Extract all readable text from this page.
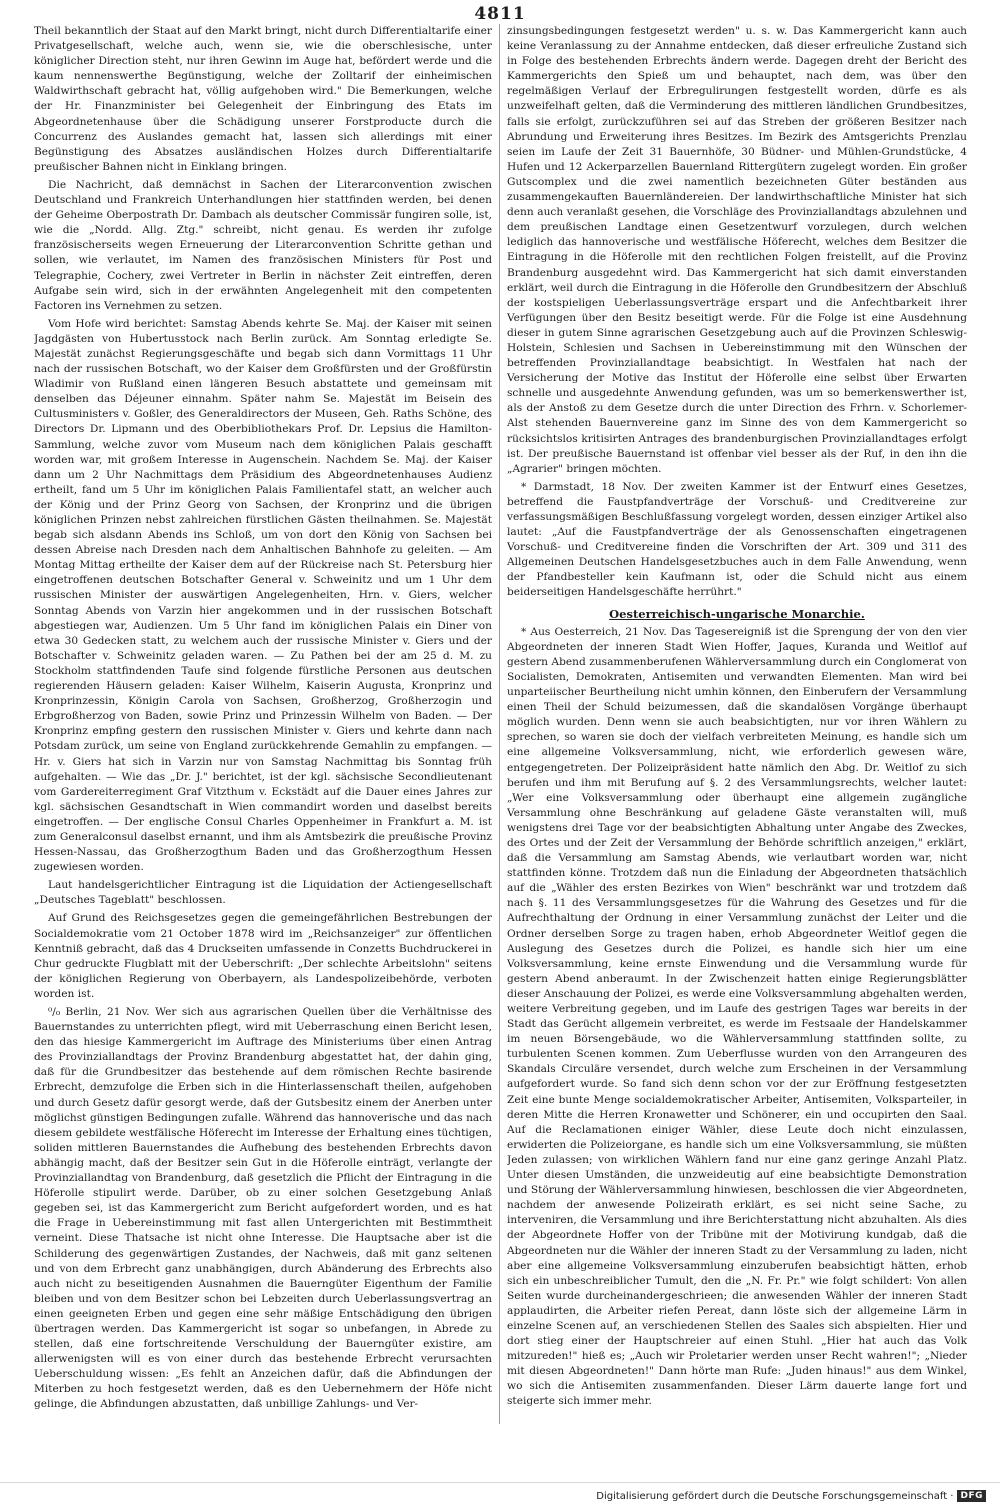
4811

Theil bekanntlich der Staat auf den Markt bringt, nicht durch Differentialtarife einer Privatgesellschaft, welche auch, wenn sie, wie die oberschlesische, unter königlicher Direction steht, nur ihren Gewinn im Auge hat, befördert werde und die kaum nennenswerthe Begünstigung, welche der Zolltarif der einheimischen Waldwirthschaft gebracht hat, völlig aufgehoben wird." Die Bemerkungen, welche der Hr. Finanzminister bei Gelegenheit der Einbringung des Etats im Abgeordnetenhause über die Schädigung unserer Forstproducte durch die Concurrenz des Auslandes gemacht hat, lassen sich allerdings mit einer Begünstigung des Absatzes ausländischen Holzes durch Differentialtarife preußischer Bahnen nicht in Einklang bringen.

Die Nachricht, daß demnächst in Sachen der Literarconvention zwischen Deutschland und Frankreich Unterhandlungen hier stattfinden werden, bei denen der Geheime Oberpostrath Dr. Dambach als deutscher Commissär fungiren solle, ist, wie die „Nordd. Allg. Ztg." schreibt, nicht genau. Es werden ihr zufolge französischerseits wegen Erneuerung der Literarconvention Schritte gethan und sollen, wie verlautet, im Namen des französischen Ministers für Post und Telegraphie, Cochery, zwei Vertreter in Berlin in nächster Zeit eintreffen, deren Aufgabe sein wird, sich in der erwähnten Angelegenheit mit den competenten Factoren ins Vernehmen zu setzen.

Vom Hofe wird berichtet: Samstag Abends kehrte Se. Maj. der Kaiser mit seinen Jagdgästen von Hubertusstock nach Berlin zurück. Am Sonntag erledigte Se. Majestät zunächst Regierungsgeschäfte und begab sich dann Vormittags 11 Uhr nach der russischen Botschaft, wo der Kaiser dem Großfürsten und der Großfürstin Wladimir von Rußland einen längeren Besuch abstattete und gemeinsam mit denselben das Déjeuner einnahm. Später nahm Se. Majestät im Beisein des Cultusministers v. Goßler, des Generaldirectors der Museen, Geh. Raths Schöne, des Directors Dr. Lipmann und des Oberbibliothekars Prof. Dr. Lepsius die Hamilton-Sammlung, welche zuvor vom Museum nach dem königlichen Palais geschafft worden war, mit großem Interesse in Augenschein. Nachdem Se. Maj. der Kaiser dann um 2 Uhr Nachmittags dem Präsidium des Abgeordnetenhauses Audienz ertheilt, fand um 5 Uhr im königlichen Palais Familientafel statt, an welcher auch der König und der Prinz Georg von Sachsen, der Kronprinz und die übrigen königlichen Prinzen nebst zahlreichen fürstlichen Gästen theilnahmen. Se. Majestät begab sich alsdann Abends ins Schloß, um von dort den König von Sachsen bei dessen Abreise nach Dresden nach dem Anhaltischen Bahnhofe zu geleiten. — Am Montag Mittag ertheilte der Kaiser dem auf der Rückreise nach St. Petersburg hier eingetroffenen deutschen Botschafter General v. Schweinitz und um 1 Uhr dem russischen Minister der auswärtigen Angelegenheiten, Hrn. v. Giers, welcher Sonntag Abends von Varzin hier angekommen und in der russischen Botschaft abgestiegen war, Audienzen. Um 5 Uhr fand im königlichen Palais ein Diner von etwa 30 Gedecken statt, zu welchem auch der russische Minister v. Giers und der Botschafter v. Schweinitz geladen waren. — Zu Pathen bei der am 25 d. M. zu Stockholm stattfindenden Taufe sind folgende fürstliche Personen aus deutschen regierenden Häusern geladen: Kaiser Wilhelm, Kaiserin Augusta, Kronprinz und Kronprinzessin, Königin Carola von Sachsen, Großherzog, Großherzogin und Erbgroßherzog von Baden, sowie Prinz und Prinzessin Wilhelm von Baden. — Der Kronprinz empfing gestern den russischen Minister v. Giers und kehrte dann nach Potsdam zurück, um seine von England zurückkehrende Gemahlin zu empfangen. — Hr. v. Giers hat sich in Varzin nur von Samstag Nachmittag bis Sonntag früh aufgehalten. — Wie das „Dr. J." berichtet, ist der kgl. sächsische Secondlieutenant vom Gardereiterregiment Graf Vitzthum v. Eckstädt auf die Dauer eines Jahres zur kgl. sächsischen Gesandtschaft in Wien commandirt worden und daselbst bereits eingetroffen. — Der englische Consul Charles Oppenheimer in Frankfurt a. M. ist zum Generalconsul daselbst ernannt, und ihm als Amtsbezirk die preußische Provinz Hessen-Nassau, das Großherzogthum Baden und das Großherzogthum Hessen zugewiesen worden.

Laut handelsgerichtlicher Eintragung ist die Liquidation der Actiengesellschaft „Deutsches Tageblatt" beschlossen.

Auf Grund des Reichsgesetzes gegen die gemeingefährlichen Bestrebungen der Socialdemokratie vom 21 October 1878 wird im „Reichsanzeiger" zur öffentlichen Kenntniß gebracht, daß das 4 Druckseiten umfassende in Conzetts Buchdruckerei in Chur gedruckte Flugblatt mit der Ueberschrift: „Der schlechte Arbeitslohn" seitens der königlichen Regierung von Oberbayern, als Landespolizeibehörde, verboten worden ist.

⁰/₀ Berlin, 21 Nov. Wer sich aus agrarischen Quellen über die Verhältnisse des Bauernstandes zu unterrichten pflegt, wird mit Ueberraschung einen Bericht lesen, den das hiesige Kammergericht im Auftrage des Ministeriums über einen Antrag des Provinziallandtags der Provinz Brandenburg abgestattet hat, der dahin ging, daß für die Grundbesitzer das bestehende auf dem römischen Rechte basirende Erbrecht, demzufolge die Erben sich in die Hinterlassenschaft theilen, aufgehoben und durch Gesetz dafür gesorgt werde, daß der Gutsbesitz einem der Anerben unter möglichst günstigen Bedingungen zufalle. Während das hannoverische und das nach diesem gebildete westfälische Höferecht im Interesse der Erhaltung eines tüchtigen, soliden mittleren Bauernstandes die Aufhebung des bestehenden Erbrechts davon abhängig macht, daß der Besitzer sein Gut in die Höferolle einträgt, verlangte der Provinziallandtag von Brandenburg, daß gesetzlich die Pflicht der Eintragung in die Höferolle stipulirt werde. Darüber, ob zu einer solchen Gesetzgebung Anlaß gegeben sei, ist das Kammergericht zum Bericht aufgefordert worden, und es hat die Frage in Uebereinstimmung mit fast allen Untergerichten mit Bestimmtheit verneint. Diese Thatsache ist nicht ohne Interesse. Die Hauptsache aber ist die Schilderung des gegenwärtigen Zustandes, der Nachweis, daß mit ganz seltenen und von dem Erbrecht ganz unabhängigen, durch Abänderung des Erbrechts also auch nicht zu beseitigenden Ausnahmen die Bauerngüter Eigenthum der Familie bleiben und von dem Besitzer schon bei Lebzeiten durch Ueberlassungsvertrag an einen geeigneten Erben und gegen eine sehr mäßige Entschädigung den übrigen übertragen werden. Das Kammergericht ist sogar so unbefangen, in Abrede zu stellen, daß eine fortschreitende Verschuldung der Bauerngüter existire, am allerwenigsten will es von einer durch das bestehende Erbrecht verursachten Ueberschuldung wissen: „Es fehlt an Anzeichen dafür, daß die Abfindungen der Miterben zu hoch festgesetzt werden, daß es den Uebernehmern der Höfe nicht gelinge, die Abfindungen abzustatten, daß unbillige Zahlungs- und Ver-

zinsungsbedingungen festgesetzt werden" u. s. w. Das Kammergericht kann auch keine Veranlassung zu der Annahme entdecken, daß dieser erfreuliche Zustand sich in Folge des bestehenden Erbrechts ändern werde. Dagegen dreht der Bericht des Kammergerichts den Spieß um und behauptet, nach dem, was über den regelmäßigen Verlauf der Erbregulirungen festgestellt worden, dürfe es als unzweifelhaft gelten, daß die Verminderung des mittleren ländlichen Grundbesitzes, falls sie erfolgt, zurückzuführen sei auf das Streben der größeren Besitzer nach Abrundung und Erweiterung ihres Besitzes. Im Bezirk des Amtsgerichts Prenzlau seien im Laufe der Zeit 31 Bauernhöfe, 30 Büdner- und Mühlen-Grundstücke, 4 Hufen und 12 Ackerparzellen Bauernland Rittergütern zugelegt worden. Ein großer Gutscomplex und die zwei namentlich bezeichneten Güter beständen aus zusammengekauften Bauernländereien. Der landwirthschaftliche Minister hat sich denn auch veranlaßt gesehen, die Vorschläge des Provinziallandtags abzulehnen und dem preußischen Landtage einen Gesetzentwurf vorzulegen, durch welchen lediglich das hannoverische und westfälische Höferecht, welches dem Besitzer die Eintragung in die Höferolle mit den rechtlichen Folgen freistellt, auf die Provinz Brandenburg ausgedehnt wird. Das Kammergericht hat sich damit einverstanden erklärt, weil durch die Eintragung in die Höferolle den Grundbesitzern der Abschluß der kostspieligen Ueberlassungsverträge erspart und die Anfechtbarkeit ihrer Verfügungen über den Besitz beseitigt werde. Für die Folge ist eine Ausdehnung dieser in gutem Sinne agrarischen Gesetzgebung auch auf die Provinzen Schleswig-Holstein, Schlesien und Sachsen in Uebereinstimmung mit den Wünschen der betreffenden Provinziallandtage beabsichtigt. In Westfalen hat nach der Versicherung der Motive das Institut der Höferolle eine selbst über Erwarten schnelle und ausgedehnte Anwendung gefunden, was um so bemerkenswerther ist, als der Anstoß zu dem Gesetze durch die unter Direction des Frhrn. v. Schorlemer-Alst stehenden Bauernvereine ganz im Sinne des von dem Kammergericht so rücksichtslos kritisirten Antrages des brandenburgischen Provinziallandtages erfolgt ist. Der preußische Bauernstand ist offenbar viel besser als der Ruf, in den ihn die „Agrarier" bringen möchten.

* Darmstadt, 18 Nov. Der zweiten Kammer ist der Entwurf eines Gesetzes, betreffend die Faustpfandverträge der Vorschuß- und Creditvereine zur verfassungsmäßigen Beschlußfassung vorgelegt worden, dessen einziger Artikel also lautet: „Auf die Faustpfandverträge der als Genossenschaften eingetragenen Vorschuß- und Creditvereine finden die Vorschriften der Art. 309 und 311 des Allgemeinen Deutschen Handelsgesetzbuches auch in dem Falle Anwendung, wenn der Pfandbesteller kein Kaufmann ist, oder die Schuld nicht aus einem beiderseitigen Handelsgeschäfte herrührt."

Oesterreichisch-ungarische Monarchie.

* Aus Oesterreich, 21 Nov. Das Tagesereigniß ist die Sprengung der von den vier Abgeordneten der inneren Stadt Wien Hoffer, Jaques, Kuranda und Weitlof auf gestern Abend zusammenberufenen Wählerversammlung durch ein Conglomerat von Socialisten, Demokraten, Antisemiten und verwandten Elementen. Man wird bei unparteiischer Beurtheilung nicht umhin können, den Einberufern der Versammlung einen Theil der Schuld beizumessen, daß die skandalösen Vorgänge überhaupt möglich wurden. Denn wenn sie auch beabsichtigten, nur vor ihren Wählern zu sprechen, so waren sie doch der vielfach verbreiteten Meinung, es handle sich um eine allgemeine Volksversammlung, nicht, wie erforderlich gewesen wäre, entgegengetreten. Der Polizeipräsident hatte nämlich den Abg. Dr. Weitlof zu sich berufen und ihm mit Berufung auf §. 2 des Versammlungsrechts, welcher lautet: „Wer eine Volksversammlung oder überhaupt eine allgemein zugängliche Versammlung ohne Beschränkung auf geladene Gäste veranstalten will, muß wenigstens drei Tage vor der beabsichtigten Abhaltung unter Angabe des Zweckes, des Ortes und der Zeit der Versammlung der Behörde schriftlich anzeigen," erklärt, daß die Versammlung am Samstag Abends, wie verlautbart worden war, nicht stattfinden könne. Trotzdem daß nun die Einladung der Abgeordneten thatsächlich auf die „Wähler des ersten Bezirkes von Wien" beschränkt war und trotzdem daß nach §. 11 des Versammlungsgesetzes für die Wahrung des Gesetzes und für die Aufrechthaltung der Ordnung in einer Versammlung zunächst der Leiter und die Ordner derselben Sorge zu tragen haben, erhob Abgeordneter Weitlof gegen die Auslegung des Gesetzes durch die Polizei, es handle sich hier um eine Volksversammlung, keine ernste Einwendung und die Versammlung wurde für gestern Abend anberaumt. In der Zwischenzeit hatten einige Regierungsblätter dieser Anschauung der Polizei, es werde eine Volksversammlung abgehalten werden, weitere Verbreitung gegeben, und im Laufe des gestrigen Tages war bereits in der Stadt das Gerücht allgemein verbreitet, es werde im Festsaale der Handelskammer im neuen Börsengebäude, wo die Wählerversammlung stattfinden sollte, zu turbulenten Scenen kommen. Zum Ueberflusse wurden von den Arrangeuren des Skandals Circuläre versendet, durch welche zum Erscheinen in der Versammlung aufgefordert wurde. So fand sich denn schon vor der zur Eröffnung festgesetzten Zeit eine bunte Menge socialdemokratischer Arbeiter, Antisemiten, Volksparteiler, in deren Mitte die Herren Kronawetter und Schönerer, ein und occupirten den Saal. Auf die Reclamationen einiger Wähler, diese Leute doch nicht einzulassen, erwiderten die Polizeiorgane, es handle sich um eine Volksversammlung, sie müßten Jeden zulassen; von wirklichen Wählern fand nur eine ganz geringe Anzahl Platz. Unter diesen Umständen, die unzweideutig auf eine beabsichtigte Demonstration und Störung der Wählerversammlung hinwiesen, beschlossen die vier Abgeordneten, nachdem der anwesende Polizeirath erklärt, es sei nicht seine Sache, zu interveniren, die Versammlung und ihre Berichterstattung nicht abzuhalten. Als dies der Abgeordnete Hoffer von der Tribüne mit der Motivirung kundgab, daß die Abgeordneten nur die Wähler der inneren Stadt zu der Versammlung zu laden, nicht aber eine allgemeine Volksversammlung einzuberufen beabsichtigt hätten, erhob sich ein unbeschreiblicher Tumult, den die „N. Fr. Pr." wie folgt schildert: Von allen Seiten wurde durcheinandergeschrieen; die anwesenden Wähler der inneren Stadt applaudirten, die Arbeiter riefen Pereat, dann löste sich der allgemeine Lärm in einzelne Scenen auf, an verschiedenen Stellen des Saales sich abspielten. Hier und dort stieg einer der Hauptschreier auf einen Stuhl. „Hier hat auch das Volk mitzureden!" hieß es; „Auch wir Proletarier werden unser Recht wahren!"; „Nieder mit diesen Abgeordneten!" Dann hörte man Rufe: „Juden hinaus!" aus dem Winkel, wo sich die Antisemiten zusammenfanden. Dieser Lärm dauerte lange fort und steigerte sich immer mehr.

Digitalisierung gefördert durch die Deutsche Forschungsgemeinschaft · DFG
